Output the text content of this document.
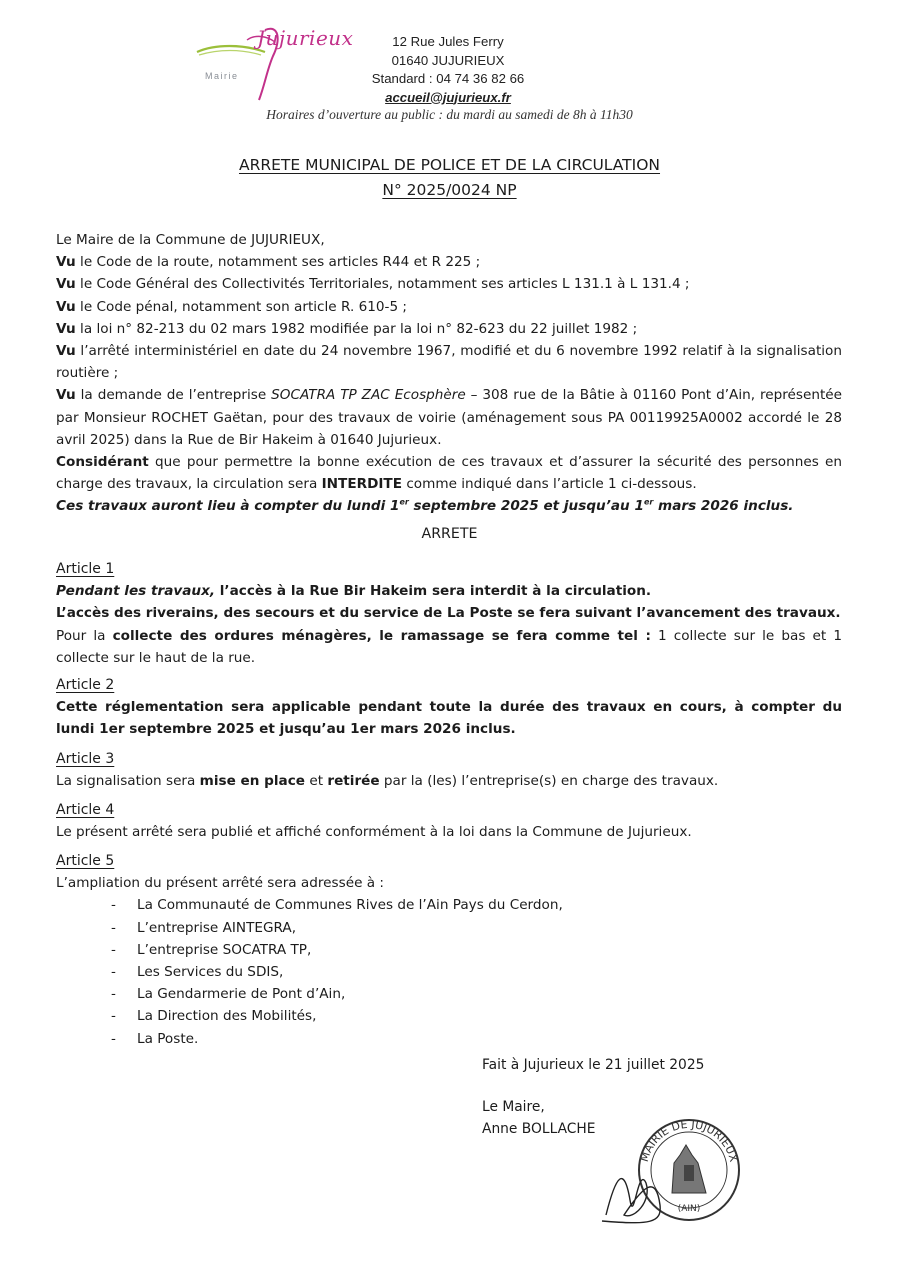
Jujurieux
Mairie
12 Rue Jules Ferry
01640 JUJURIEUX
Standard : 04 74 36 82 66
accueil@jujurieux.fr
Horaires d’ouverture au public : du mardi au samedi de 8h à 11h30
ARRETE MUNICIPAL DE POLICE ET DE LA CIRCULATION
N° 2025/0024 NP

Le Maire de la Commune de JUJURIEUX,

Vu le Code de la route, notamment ses articles R44 et R 225 ;

Vu le Code Général des Collectivités Territoriales, notamment ses articles L 131.1 à L 131.4 ;

Vu le Code pénal, notamment son article R. 610-5 ;

Vu la loi n° 82-213 du 02 mars 1982 modifiée par la loi n° 82-623 du 22 juillet 1982 ;

Vu l’arrêté interministériel en date du 24 novembre 1967, modifié et du 6 novembre 1992 relatif à la signalisation routière ;

Vu la demande de l’entreprise SOCATRA TP ZAC Ecosphère – 308 rue de la Bâtie à 01160 Pont d’Ain, représentée par Monsieur ROCHET Gaëtan, pour des travaux de voirie (aménagement sous PA 00119925A0002 accordé le 28 avril 2025) dans la Rue de Bir Hakeim à 01640 Jujurieux.

Considérant que pour permettre la bonne exécution de ces travaux et d’assurer la sécurité des personnes en charge des travaux, la circulation sera INTERDITE comme indiqué dans l’article 1 ci-dessous.

Ces travaux auront lieu à compter du lundi 1er septembre 2025 et jusqu’au 1er mars 2026 inclus.

ARRETE

Article 1

Pendant les travaux, l’accès à la Rue Bir Hakeim sera interdit à la circulation.

L’accès des riverains, des secours et du service de La Poste se fera suivant l’avancement des travaux.

Pour la collecte des ordures ménagères, le ramassage se fera comme tel : 1 collecte sur le bas et 1 collecte sur le haut de la rue.

Article 2

Cette réglementation sera applicable pendant toute la durée des travaux en cours, à compter du lundi 1er septembre 2025 et jusqu’au 1er mars 2026 inclus.

Article 3

La signalisation sera mise en place et retirée par la (les) l’entreprise(s) en charge des travaux.

Article 4

Le présent arrêté sera publié et affiché conformément à la loi dans la Commune de Jujurieux.

Article 5

L’ampliation du présent arrêté sera adressée à :

- La Communauté de Communes Rives de l’Ain Pays du Cerdon,
- L’entreprise AINTEGRA,
- L’entreprise SOCATRA TP,
- Les Services du SDIS,
- La Gendarmerie de Pont d’Ain,
- La Direction des Mobilités,
- La Poste.
Fait à Jujurieux le 21 juillet 2025
Le Maire,
Anne BOLLACHE
MAIRIE DE JUJURIEUX
(AIN)
